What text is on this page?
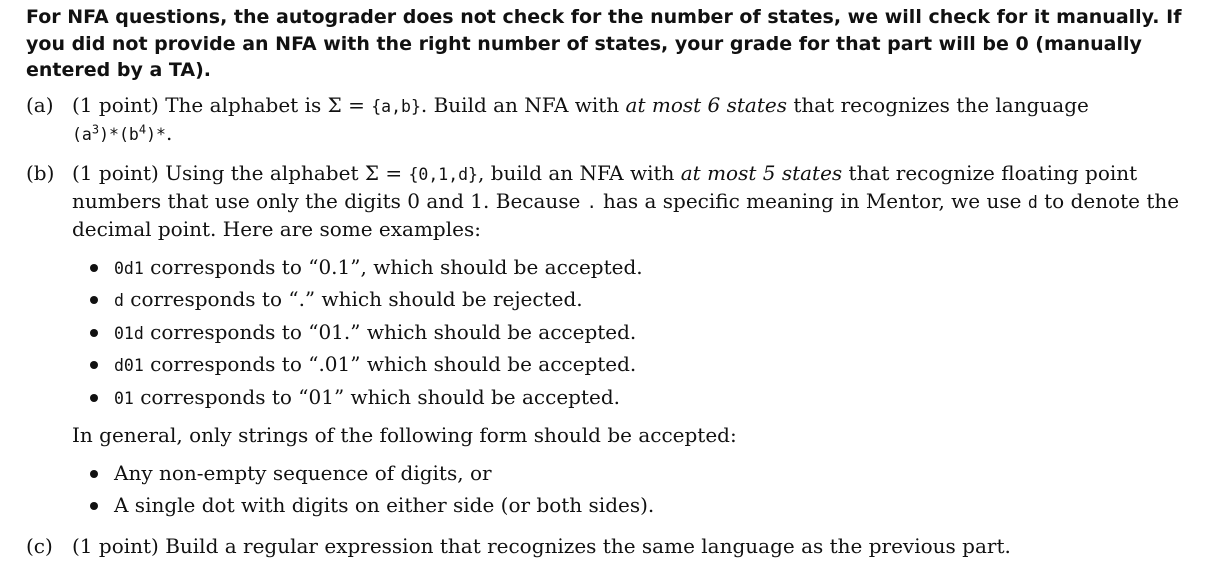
For NFA questions, the autograder does not check for the number of states, we will check for it manually. If you did not provide an NFA with the right number of states, your grade for that part will be 0 (manually entered by a TA).

(a) (1 point) The alphabet is Σ = {a,b}. Build an NFA with at most 6 states that recognizes the language
$(a^3)*(b^4)*$.
(b) (1 point) Using the alphabet Σ = {0,1,d}, build an NFA with at most 5 states that recognize floating point numbers that use only the digits 0 and 1. Because . has a specific meaning in Mentor, we use d to denote the decimal point. Here are some examples:
0d1 corresponds to “0.1”, which should be accepted.
d corresponds to “.” which should be rejected.
01d corresponds to “01.” which should be accepted.
d01 corresponds to “.01” which should be accepted.
01 corresponds to “01” which should be accepted.

In general, only strings of the following form should be accepted:

Any non-empty sequence of digits, or
A single dot with digits on either side (or both sides).
(c) (1 point) Build a regular expression that recognizes the same language as the previous part.
